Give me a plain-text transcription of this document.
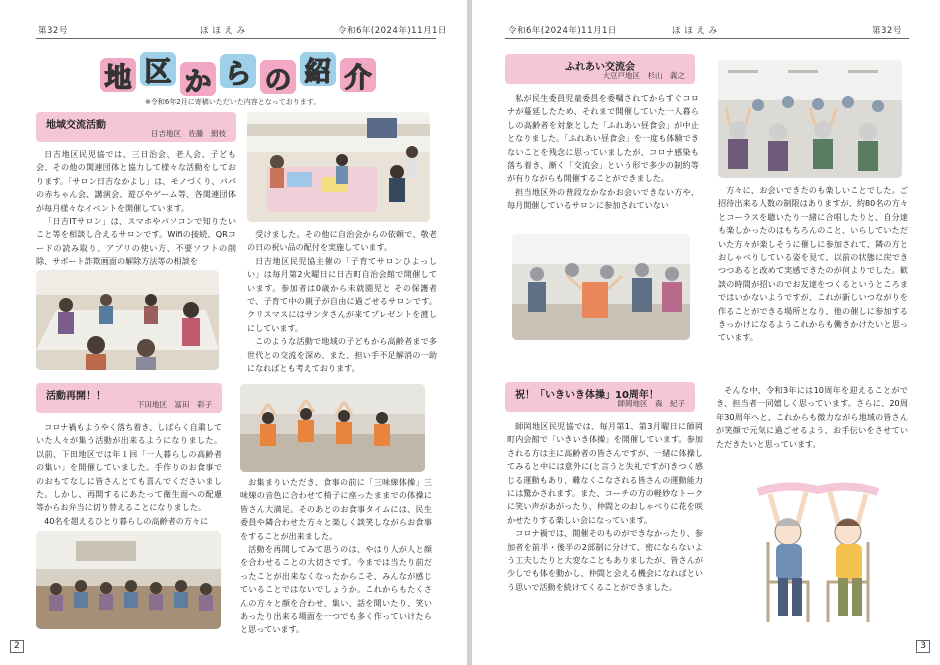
第32号	ほ ほ え み	令和6年(2024年)11月1日
地 区 か ら の 紹 介
※令和6年2月に寄稿いただいた内容となっております。
地域交流活動
日吉地区　佐藤　絹枝

日吉地区民児協では、三日治会、老人会、子ども会、その他の関連団体と協力して様々な活動をしております。「サロン日吉なかよし」は、モノづくり、パパの赤ちゃん会、講演会、遊びやゲーム等、各関連団体が毎月様々なイベントを開催しています。

「日吉ITサロン」は、スマホやパソコンで知りたいこと等を相談し合えるサロンです。Wifiの接続、QRコードの読み取り、アプリの使い方、不要ソフトの削除、サポート詐欺画面の解除方法等の相談を

受けました。その他に自治会からの依頼で、敬老の日の祝い品の配付を実施しています。

日吉地区民児協主催の「子育てサロンひよっしい」は毎月第2火曜日に日吉町自治会館で開催しています。参加者は0歳から未就園児と その保護者で、子育て中の親子が自由に過ごせるサロンです。クリスマスにはサンタさんが来てプレゼントを渡しにしています。

このような活動で地域の子どもから高齢者まで多世代との交流を深め、また、担い手不足解消の一助になればとも考えております。

活動再開！！
下田地区　冨田　彩子

コロナ禍もようやく落ち着き、しばらく自粛していた人々が集う活動が出来るようになりました。以前、下田地区では年１回「一人暮らしの高齢者の集い」を開催していました。手作りのお食事でのおもてなしに皆さんとても喜んでくださいました。しかし、再開するにあたって衛生面への配慮等からお弁当に切り替えることになりました。

40名を超えるひとり暮らしの高齢者の方々に

お集まりいただき、食事の前に「三味線体操」三味線の音色に合わせて椅子に座ったままでの体操に皆さん大満足。そのあとのお食事タイムには、民生委員や隣合わせた方々と楽しく談笑しながらお食事をすることが出来ました。

活動を再開してみて思うのは、やはり人が人と顔を合わせることの大切さです。今までは当たり前だったことが出来なくなったからこそ、みんなが感じていることではないでしょうか。これからもたくさんの方々と顔を合わせ、集い、話を聞いたり、笑いあったり出来る場面を一つでも多く作っていけたらと思っています。

2
令和6年(2024年)11月1日	ほ ほ え み	第32号
ふれあい交流会
大豆戸地区　杉山　義之

私が民生委員児童委員を委嘱されてからすぐコロナが蔓延したため、それまで開催していた一人暮らしの高齢者を対象とした「ふれあい昼食会」が中止となりました。「ふれあい昼食会」を一度も体験できないことを残念に思っていましたが、コロナ感染も落ち着き、漸く「交流会」という形で多少の制約等が有りながらも開催することができました。

担当地区外の普段なかなかお会いできない方や、毎月開催しているサロンに参加されていない

方々に、お会いできたのも楽しいことでした。ご招待出来る人数の制限はありますが、約80名の方々とコーラスを聴いたり一緒に合唱したりと、自分達も楽しかったのはもちろんのこと、いらしていただいた方々が楽しそうに催しに参加されて、隣の方とおしゃべりしている姿を見て、以前の状態に戻できつつあると改めて実感できたのが何よりでした。歓談の時間が招いのでお友達をつくるというところまではいかないようですが、これが新しいつながりを作ることができる場所となり、他の催しに参加するきっかけになるようこれからも働きかけたいと思っています。

祝！「いきいき体操」10周年！
師岡地区　森　紀子

師岡地区民児協では、毎月第1、第3月曜日に師岡町内会館で「いきいき体操」を開催しています。参加される方は主に高齢者の皆さんですが、一緒に体操してみると中には意外に(と言うと失礼ですが)きつく感じる運動もあり、難なくこなされる皆さんの運動能力には驚かされます。また、コーチの方の軽妙なトークに笑い声があがったり、仲間とのおしゃべりに花を咲かせたりする楽しい会になっています。

コロナ禍では、開催そのものができなかったり、参加者を前半・後半の2部制に分けて、密にならないよう工夫したりと大変なこともありましたが、皆さんが少しでも体を動かし、仲間と会える機会になればという思いで活動を続けてくることができました。

そんな中、令和3年には10周年を迎えることができ、担当者一同嬉しく思っています。さらに、20周年30周年へと、これからも微力ながら地域の皆さんが笑顔で元気に過ごせるよう、お手伝いをさせていただきたいと思っています。

3
